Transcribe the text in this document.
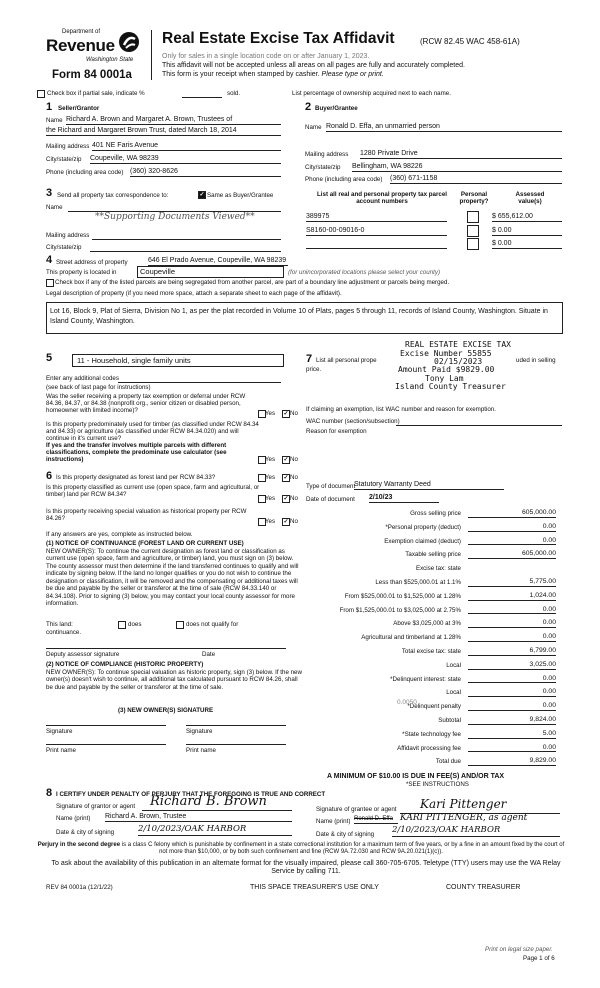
Department of
Revenue
Washington State
Form 84 0001a
Real Estate Excise Tax Affidavit	(RCW 82.45 WAC 458-61A)
Only for sales in a single location code on or after January 1, 2023.
This affidavit will not be accepted unless all areas on all pages are fully and accurately completed.
This form is your receipt when stamped by cashier. Please type or print.
Check box if partial sale, indicate %	sold.	List percentage of ownership acquired next to each name.
1 Seller/Grantor
Name Richard A. Brown and Margaret A. Brown, Trustees of
the Richard and Margaret Brown Trust, dated March 18, 2014
Mailing address 401 NE Faris Avenue
City/state/zip Coupeville, WA 98239
Phone (including area code) (360) 320-8626
2 Buyer/Grantee
Name Ronald D. Effa, an unmarried person
Mailing address 1280 Private Drive
City/state/zip Bellingham, WA 98226
Phone (including area code) (360) 671-1158
3 Send all property tax correspondence to:	✓ Same as Buyer/Grantee
Name
**Supporting Documents Viewed**
Mailing address
City/state/zip
List all real and personal property tax parcel account numbers
Personal property?
Assessed value(s)
389975	$ 655,612.00
S8160-00-09016-0	$ 0.00
$ 0.00
4 Street address of property	646 El Prado Avenue, Coupeville, WA 98239
This property is located in	Coupeville	(for unincorporated locations please select your county)
Check box if any of the listed parcels are being segregated from another parcel, are part of a boundary line adjustment or parcels being merged.
Legal description of property (if you need more space, attach a separate sheet to each page of the affidavit).
Lot 16, Block 9, Plat of Sierra, Division No 1, as per the plat recorded in Volume 10 of Plats, pages 5 through 11, records of Island County, Washington. Situate in Island County, Washington.
REAL ESTATE EXCISE TAX
Excise Number 55855
02/15/2023
Amount Paid $9829.00
Tony Lam
Island County Treasurer
5	11 - Household, single family units
Enter any additional codes
(see back of last page for instructions)
Was the seller receiving a property tax exemption or deferral under RCW 84.36, 84.37, or 84.38 (nonprofit org., senior citizen or disabled person, homeowner with limited income)?	Yes ✓ No
Is this property predominately used for timber (as classified under RCW 84.34 and 84.33) or agriculture (as classified under RCW 84.34.020) and will continue in it's current use?
If yes and the transfer involves multiple parcels with different classifications, complete the predominate use calculator (see instructions)	Yes ✓ No
7 List all personal prope	uded in selling
price.
If claiming an exemption, list WAC number and reason for exemption.
WAC number (section/subsection)
Reason for exemption
6 Is this property designated as forest land per RCW 84.33?	Yes ✓ No
Is this property classified as current use (open space, farm and agricultural, or timber) land per RCW 84.34?
Yes ✓ No
Is this property receiving special valuation as historical property per RCW 84.26?	Yes ✓ No
If any answers are yes, complete as instructed below.
(1) NOTICE OF CONTINUANCE (FOREST LAND OR CURRENT USE)
NEW OWNER(S): To continue the current designation as forest land or classification as current use (open space, farm and agriculture, or timber) land, you must sign on (3) below. The county assessor must then determine if the land transferred continues to qualify and will indicate by signing below. If the land no longer qualifies or you do not wish to continue the designation or classification, it will be removed and the compensating or additional taxes will be due and payable by the seller or transferor at the time of sale (RCW 84.33.140 or 84.34.108). Prior to signing (3) below, you may contact your local county assessor for more information.
This land:	does	does not qualify for
continuance.
Deputy assessor signature	Date
(2) NOTICE OF COMPLIANCE (HISTORIC PROPERTY)
NEW OWNER(S): To continue special valuation as historic property, sign (3) below. If the new owner(s) doesn't wish to continue, all additional tax calculated pursuant to RCW 84.26, shall be due and payable by the seller or transferor at the time of sale.
(3) NEW OWNER(S) SIGNATURE
Signature	Signature
Print name	Print name
Type of document
Statutory Warranty Deed
Date of document 2/10/23
Gross selling price	605,000.00
*Personal property (deduct)	0.00
Exemption claimed (deduct)	0.00
Taxable selling price	605,000.00
Excise tax: state
Less than $525,000.01 at 1.1%	5,775.00
From $525,000.01 to $1,525,000 at 1.28%	1,024.00
From $1,525,000.01 to $3,025,000 at 2.75%	0.00
Above $3,025,000 at 3%	0.00
Agricultural and timberland at 1.28%	0.00
Total excise tax: state	6,799.00
Local	3,025.00
*Delinquent interest: state	0.00
Local	0.00
*Delinquent penalty	0.00
Subtotal	9,824.00
*State technology fee	5.00
Affidavit processing fee	0.00
Total due	9,829.00
0.0050
A MINIMUM OF $10.00 IS DUE IN FEE(S) AND/OR TAX
*SEE INSTRUCTIONS
8 I CERTIFY UNDER PENALTY OF PERJURY THAT THE FOREGOING IS TRUE AND CORRECT
Signature of grantor or agent Richard B. Brown
Signature of grantee or agent Kari Pittenger
Name (print) Richard A. Brown, Trustee
Name (print) Ronald D. Effa KARI PITTENGER, as agent
Date & city of signing	2/10/2023/OAK HARBOR
Date & city of signing 2/10/2023/OAK HARBOR
Perjury in the second degree is a class C felony which is punishable by confinement in a state correctional institution for a maximum term of five years, or by a fine in an amount fixed by the court of not more than $10,000, or by both such confinement and fine (RCW 9A.72.030 and RCW 9A.20.021(1)(c)).
To ask about the availability of this publication in an alternate format for the visually impaired, please call 360-705-6705. Teletype (TTY) users may use the WA Relay Service by calling 711.
REV 84 0001a (12/1/22)	THIS SPACE TREASURER'S USE ONLY	COUNTY TREASURER
Print on legal size paper.
Page 1 of 6
